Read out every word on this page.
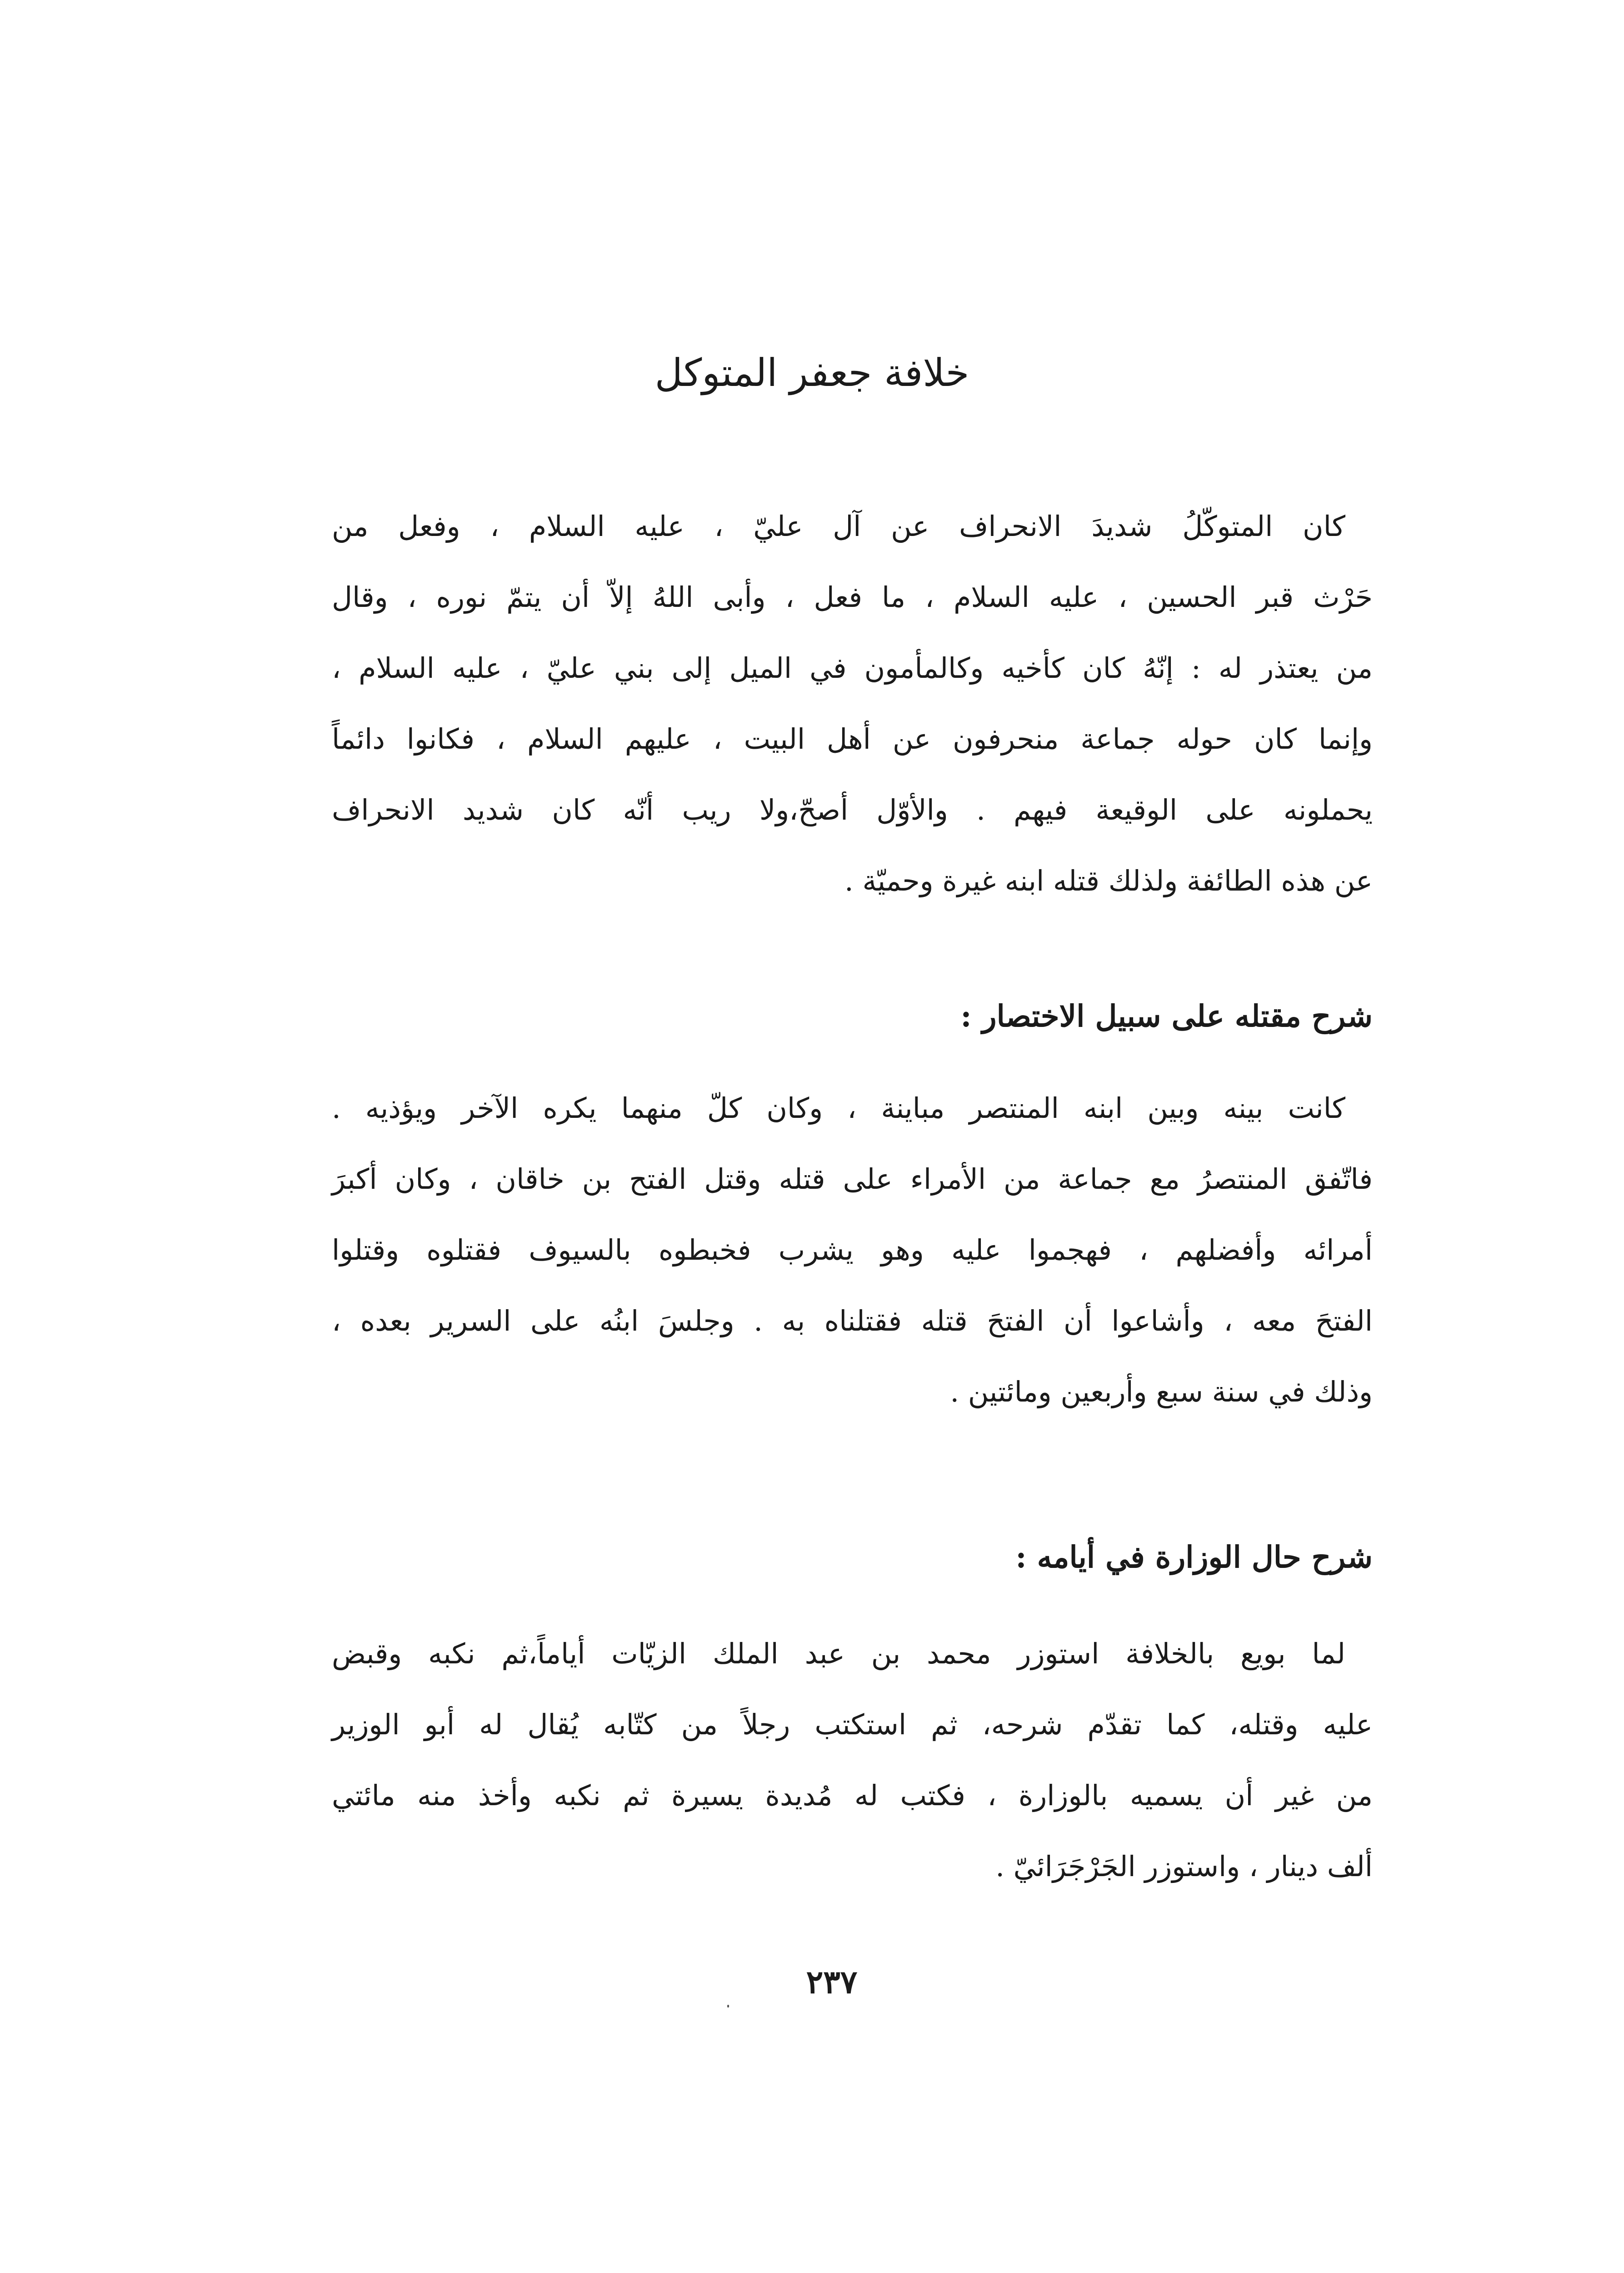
خلافة جعفر المتوكل

كان المتوكّلُ شديدَ الانحراف عن آل عليّ ، عليه السلام ، وفعل من
حَرْث قبر الحسين ، عليه السلام ، ما فعل ، وأبى اللهُ إلاّ أن يتمّ نوره ، وقال
من يعتذر له : إنّهُ كان كأخيه وكالمأمون في الميل إلى بني عليّ ، عليه السلام ،
وإنما كان حوله جماعة منحرفون عن أهل البيت ، عليهم السلام ، فكانوا دائماً
يحملونه على الوقيعة فيهم . والأوّل أصحّ،ولا ريب أنّه كان شديد الانحراف
عن هذه الطائفة ولذلك قتله ابنه غيرة وحميّة .

شرح مقتله على سبيل الاختصار :

كانت بينه وبين ابنه المنتصر مباينة ، وكان كلّ منهما يكره الآخر ويؤذيه .
فاتّفق المنتصرُ مع جماعة من الأمراء على قتله وقتل الفتح بن خاقان ، وكان أكبرَ
أمرائه وأفضلهم ، فهجموا عليه وهو يشرب فخبطوه بالسيوف فقتلوه وقتلوا
الفتحَ معه ، وأشاعوا أن الفتحَ قتله فقتلناه به . وجلسَ ابنُه على السرير بعده ،
وذلك في سنة سبع وأربعين ومائتين .

شرح حال الوزارة في أيامه :

لما بويع بالخلافة استوزر محمد بن عبد الملك الزيّات أياماً،ثم نكبه وقبض
عليه وقتله، كما تقدّم شرحه، ثم استكتب رجلاً من كتّابه يُقال له أبو الوزير
من غير أن يسميه بالوزارة ، فكتب له مُديدة يسيرة ثم نكبه وأخذ منه مائتي
ألف دينار ، واستوزر الجَرْجَرَائيّ .

٢٣٧
